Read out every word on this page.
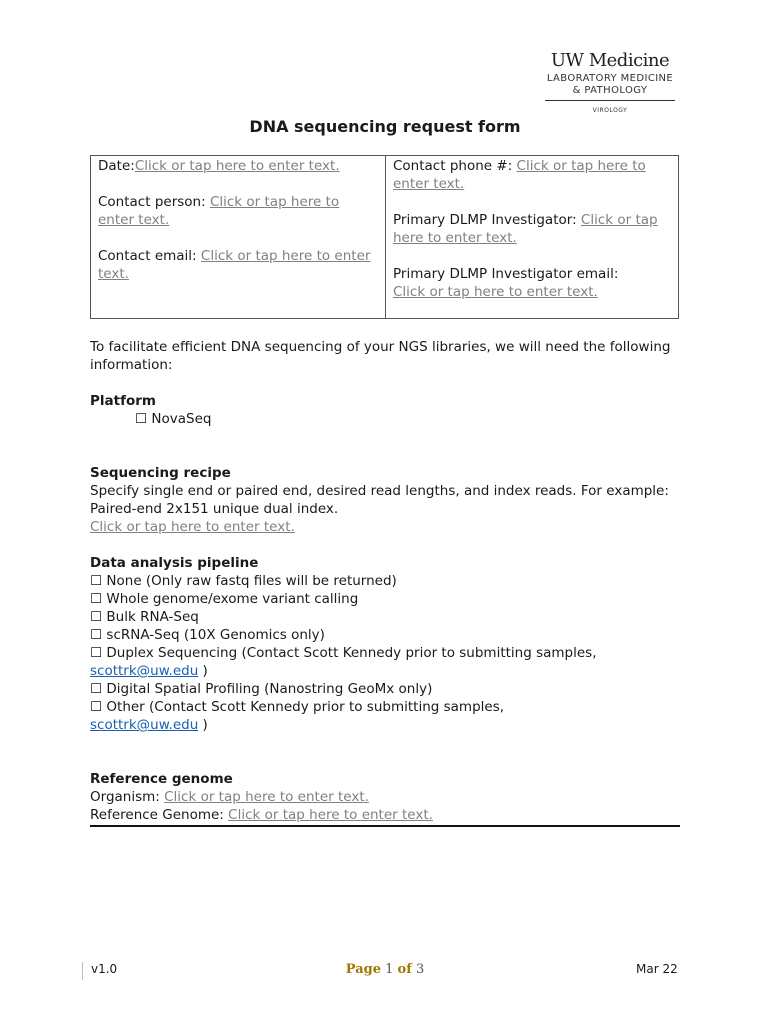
UW Medicine
LABORATORY MEDICINE
& PATHOLOGY
VIROLOGY
DNA sequencing request form
Date:Click or tap here to enter text.
Contact person: Click or tap here to enter text.
Contact email: Click or tap here to enter text.
Contact phone #: Click or tap here to enter text.
Primary DLMP Investigator: Click or tap here to enter text.
Primary DLMP Investigator email:
Click or tap here to enter text.
To facilitate efficient DNA sequencing of your NGS libraries, we will need the following information:
Platform
☐ NovaSeq
Sequencing recipe
Specify single end or paired end, desired read lengths, and index reads. For example: Paired-end 2x151 unique dual index.
Click or tap here to enter text.
Data analysis pipeline
☐ None (Only raw fastq files will be returned)
☐ Whole genome/exome variant calling
☐ Bulk RNA-Seq
☐ scRNA-Seq (10X Genomics only)
☐ Duplex Sequencing (Contact Scott Kennedy prior to submitting samples,
scottrk@uw.edu )
☐ Digital Spatial Profiling (Nanostring GeoMx only)
☐ Other (Contact Scott Kennedy prior to submitting samples,
scottrk@uw.edu )
Reference genome
Organism: Click or tap here to enter text.
Reference Genome: Click or tap here to enter text.
v1.0	Page 1 of 3	Mar 22
